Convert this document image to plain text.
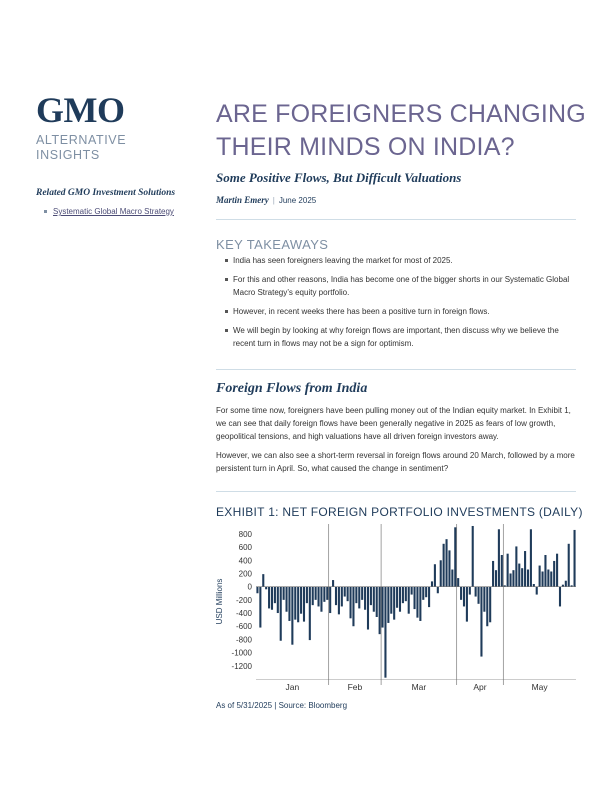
GMO
ALTERNATIVE
INSIGHTS
Related GMO Investment Solutions
Systematic Global Macro Strategy
ARE FOREIGNERS CHANGING THEIR MINDS ON INDIA?
Some Positive Flows, But Difficult Valuations
Martin Emery | June 2025
KEY TAKEAWAYS
India has seen foreigners leaving the market for most of 2025.
For this and other reasons, India has become one of the bigger shorts in our Systematic Global Macro Strategy’s equity portfolio.
However, in recent weeks there has been a positive turn in foreign flows.
We will begin by looking at why foreign flows are important, then discuss why we believe the recent turn in flows may not be a sign for optimism.
Foreign Flows from India

For some time now, foreigners have been pulling money out of the Indian equity market. In Exhibit 1, we can see that daily foreign flows have been generally negative in 2025 as fears of low growth, geopolitical tensions, and high valuations have all driven foreign investors away.

However, we can also see a short-term reversal in foreign flows around 20 March, followed by a more persistent turn in April. So, what caused the change in sentiment?

EXHIBIT 1: NET FOREIGN PORTFOLIO INVESTMENTS (DAILY)
USD Millions
800
600
400
200
0
-200
-400
-600
-800
-1000
-1200
Jan	Feb	Mar	Apr	May
As of 5/31/2025 | Source: Bloomberg
